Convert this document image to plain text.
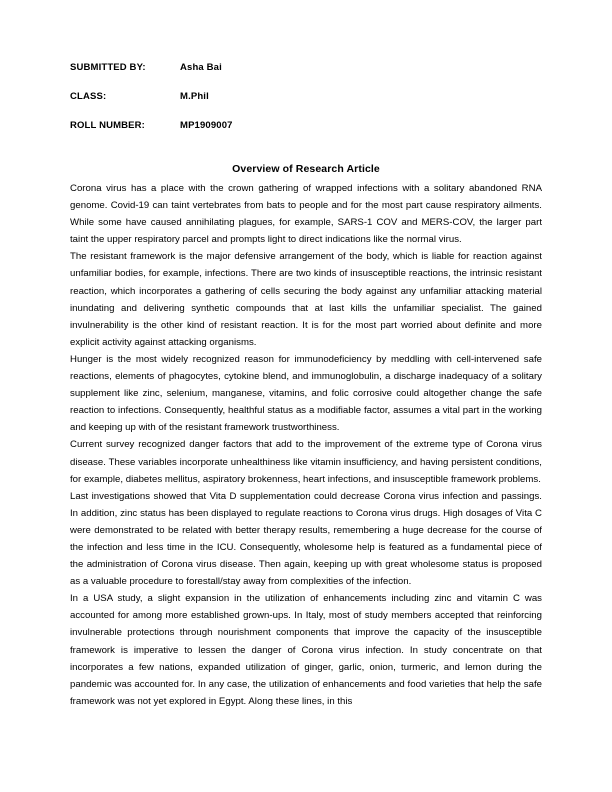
SUBMITTED BY:	Asha Bai
CLASS:	M.Phil
ROLL NUMBER:	MP1909007
Overview of Research Article

Corona virus has a place with the crown gathering of wrapped infections with a solitary abandoned RNA genome. Covid-19 can taint vertebrates from bats to people and for the most part cause respiratory ailments. While some have caused annihilating plagues, for example, SARS-1 COV and MERS-COV, the larger part taint the upper respiratory parcel and prompts light to direct indications like the normal virus.

The resistant framework is the major defensive arrangement of the body, which is liable for reaction against unfamiliar bodies, for example, infections. There are two kinds of insusceptible reactions, the intrinsic resistant reaction, which incorporates a gathering of cells securing the body against any unfamiliar attacking material inundating and delivering synthetic compounds that at last kills the unfamiliar specialist. The gained invulnerability is the other kind of resistant reaction. It is for the most part worried about definite and more explicit activity against attacking organisms.

Hunger is the most widely recognized reason for immunodeficiency by meddling with cell-intervened safe reactions, elements of phagocytes, cytokine blend, and immunoglobulin, a discharge inadequacy of a solitary supplement like zinc, selenium, manganese, vitamins, and folic corrosive could altogether change the safe reaction to infections. Consequently, healthful status as a modifiable factor, assumes a vital part in the working and keeping up with of the resistant framework trustworthiness.

Current survey recognized danger factors that add to the improvement of the extreme type of Corona virus disease. These variables incorporate unhealthiness like vitamin insufficiency, and having persistent conditions, for example, diabetes mellitus, aspiratory brokenness, heart infections, and insusceptible framework problems.

Last investigations showed that Vita D supplementation could decrease Corona virus infection and passings. In addition, zinc status has been displayed to regulate reactions to Corona virus drugs. High dosages of Vita C were demonstrated to be related with better therapy results, remembering a huge decrease for the course of the infection and less time in the ICU. Consequently, wholesome help is featured as a fundamental piece of the administration of Corona virus disease. Then again, keeping up with great wholesome status is proposed as a valuable procedure to forestall/stay away from complexities of the infection.

In a USA study, a slight expansion in the utilization of enhancements including zinc and vitamin C was accounted for among more established grown-ups. In Italy, most of study members accepted that reinforcing invulnerable protections through nourishment components that improve the capacity of the insusceptible framework is imperative to lessen the danger of Corona virus infection. In study concentrate on that incorporates a few nations, expanded utilization of ginger, garlic, onion, turmeric, and lemon during the pandemic was accounted for. In any case, the utilization of enhancements and food varieties that help the safe framework was not yet explored in Egypt. Along these lines, in this
